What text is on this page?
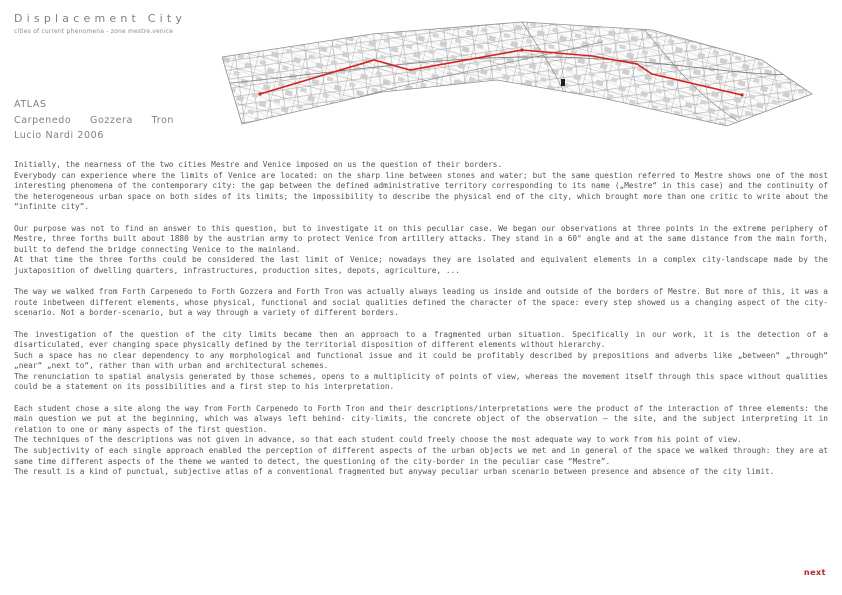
Displacement City
cities of current phenomena - zone mestre.venice
ATLAS
Carpenedo Gozzera Tron
Lucio Nardi 2006

Initially, the nearness of the two cities Mestre and Venice imposed on us the question of their borders.

Everybody can experience where the limits of Venice are located: on the sharp line between stones and water; but the same question referred to Mestre shows one of the most interesting phenomena of the contemporary city: the gap between the defined administrative territory corresponding to its name („Mestre“ in this case) and the continuity of the heterogeneous urban space on both sides of its limits; the impossibility to describe the physical end of the city, which brought more than one critic to write about the “infinite city”.

Our purpose was not to find an answer to this question, but to investigate it on this peculiar case. We began our observations at three points in the extreme periphery of Mestre, three forths built about 1880 by the austrian army to protect Venice from artillery attacks. They stand in a 60° angle and at the same distance from the main forth, built to defend the bridge connecting Venice to the mainland.

At that time the three forths could be considered the last limit of Venice; nowadays they are isolated and equivalent elements in a complex city-landscape made by the juxtaposition of dwelling quarters, infrastructures, production sites, depots, agriculture, ...

The way we walked from Forth Carpenedo to Forth Gozzera and Forth Tron was actually always leading us inside and outside of the borders of Mestre. But more of this, it was a route inbetween different elements, whose physical, functional and social qualities defined the character of the space: every step showed us a changing aspect of the city-scenario. Not a border-scenario, but a way through a variety of different borders.

The investigation of the question of the city limits became then an approach to a fragmented urban situation. Specifically in our work, it is the detection of a disarticulated, ever changing space physically defined by the territorial disposition of different elements without hierarchy.

Such a space has no clear dependency to any morphological and functional issue and it could be profitably described by prepositions and adverbs like „between“ „through“ „near“ „next to“, rather than with urban and architectural schemes.

The renunciation to spatial analysis generated by those schemes, opens to a multiplicity of points of view, whereas the movement itself through this space without qualities could be a statement on its possibilities and a first step to his interpretation.

Each student chose a site along the way from Forth Carpenedo to Forth Tron and their descriptions/interpretations were the product of the interaction of three elements: the main question we put at the beginning, which was always left behind- city-limits, the concrete object of the observation – the site, and the subject interpreting it in relation to one or many aspects of the first question.

The techniques of the descriptions was not given in advance, so that each student could freely choose the most adequate way to work from his point of view.

The subjectivity of each single approach enabled the perception of different aspects of the urban objects we met and in general of the space we walked through: they are at same time different aspects of the theme we wanted to detect, the questioning of the city-border in the peculiar case “Mestre”.

The result is a kind of punctual, subjective atlas of a conventional fragmented but anyway peculiar urban scenario between presence and absence of the city limit.

next
